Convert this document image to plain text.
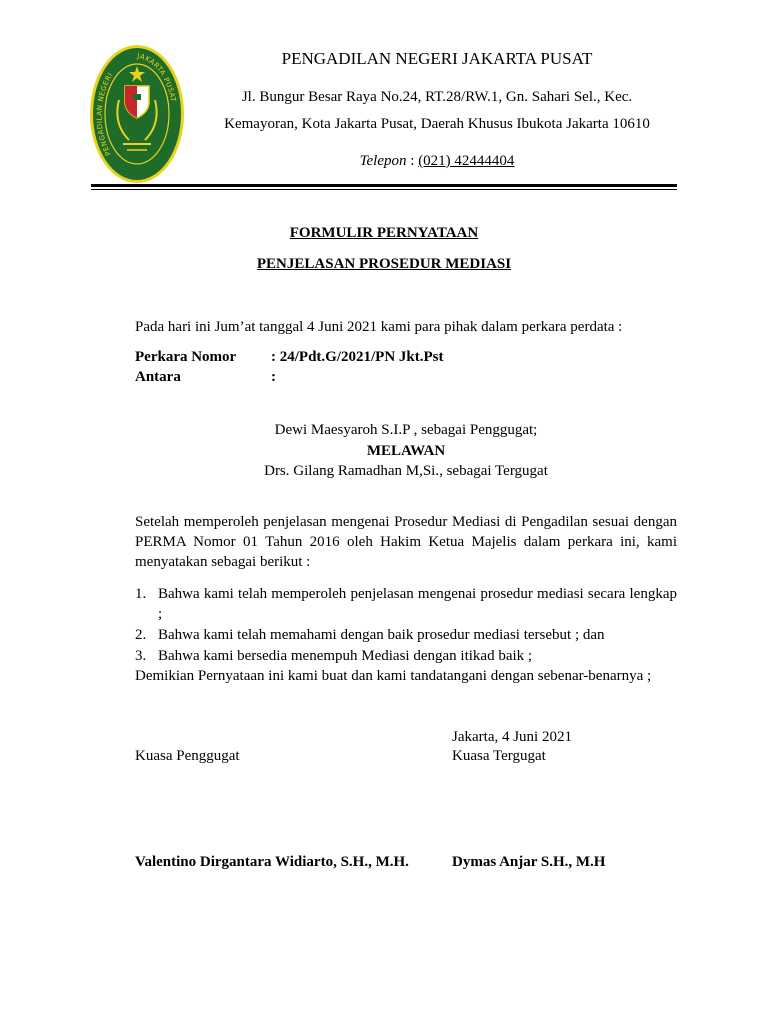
PENGADILAN NEGERI
JAKARTA PUSAT
PENGADILAN NEGERI JAKARTA PUSAT
Jl. Bungur Besar Raya No.24, RT.28/RW.1, Gn. Sahari Sel., Kec.
Kemayoran, Kota Jakarta Pusat, Daerah Khusus Ibukota Jakarta 10610
Telepon : (021) 42444404
FORMULIR PERNYATAAN
PENJELASAN PROSEDUR MEDIASI
Pada hari ini Jum’at tanggal 4 Juni 2021 kami para pihak dalam perkara perdata :
Perkara Nomor : 24/Pdt.G/2021/PN Jkt.Pst
Antara	:
Dewi Maesyaroh S.I.P , sebagai Penggugat;
MELAWAN
Drs. Gilang Ramadhan M,Si., sebagai Tergugat
Setelah memperoleh penjelasan mengenai Prosedur Mediasi di Pengadilan sesuai dengan PERMA Nomor 01 Tahun 2016 oleh Hakim Ketua Majelis dalam perkara ini, kami menyatakan sebagai berikut :
1. Bahwa kami telah memperoleh penjelasan mengenai prosedur mediasi secara lengkap ;
2. Bahwa kami telah memahami dengan baik prosedur mediasi tersebut ; dan
3. Bahwa kami bersedia menempuh Mediasi dengan itikad baik ;
Demikian Pernyataan ini kami buat dan kami tandatangani dengan sebenar-benarnya ;
Jakarta, 4 Juni 2021
Kuasa Penggugat	Kuasa Tergugat
Valentino Dirgantara Widiarto, S.H., M.H.	Dymas Anjar S.H., M.H
